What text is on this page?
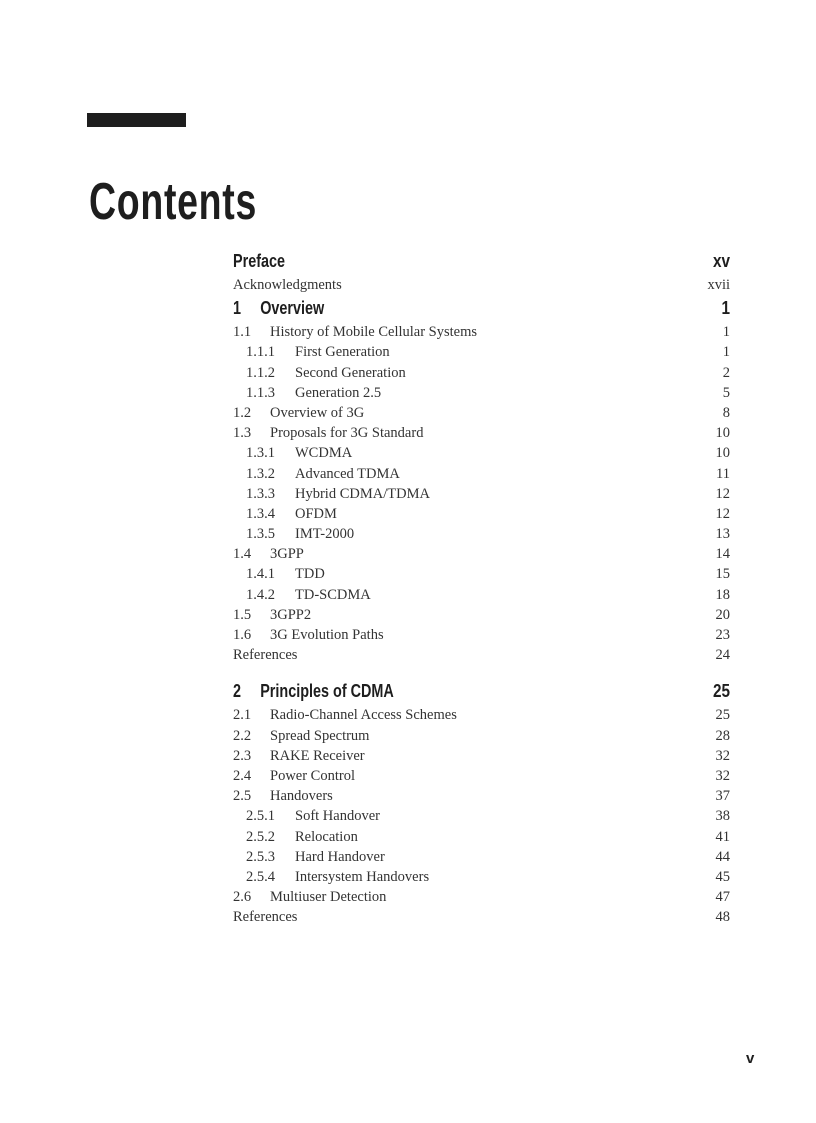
Contents
Preface	xv
Acknowledgments	xvii
1 Overview	1
1.1 History of Mobile Cellular Systems	1
1.1.1 First Generation	1
1.1.2 Second Generation	2
1.1.3 Generation 2.5	5
1.2 Overview of 3G	8
1.3 Proposals for 3G Standard	10
1.3.1 WCDMA	10
1.3.2 Advanced TDMA	11
1.3.3 Hybrid CDMA/TDMA	12
1.3.4 OFDM	12
1.3.5 IMT-2000	13
1.4 3GPP	14
1.4.1 TDD	15
1.4.2 TD-SCDMA	18
1.5 3GPP2	20
1.6 3G Evolution Paths	23
References	24
2 Principles of CDMA	25
2.1 Radio-Channel Access Schemes	25
2.2 Spread Spectrum	28
2.3 RAKE Receiver	32
2.4 Power Control	32
2.5 Handovers	37
2.5.1 Soft Handover	38
2.5.2 Relocation	41
2.5.3 Hard Handover	44
2.5.4 Intersystem Handovers	45
2.6 Multiuser Detection	47
References	48
v
